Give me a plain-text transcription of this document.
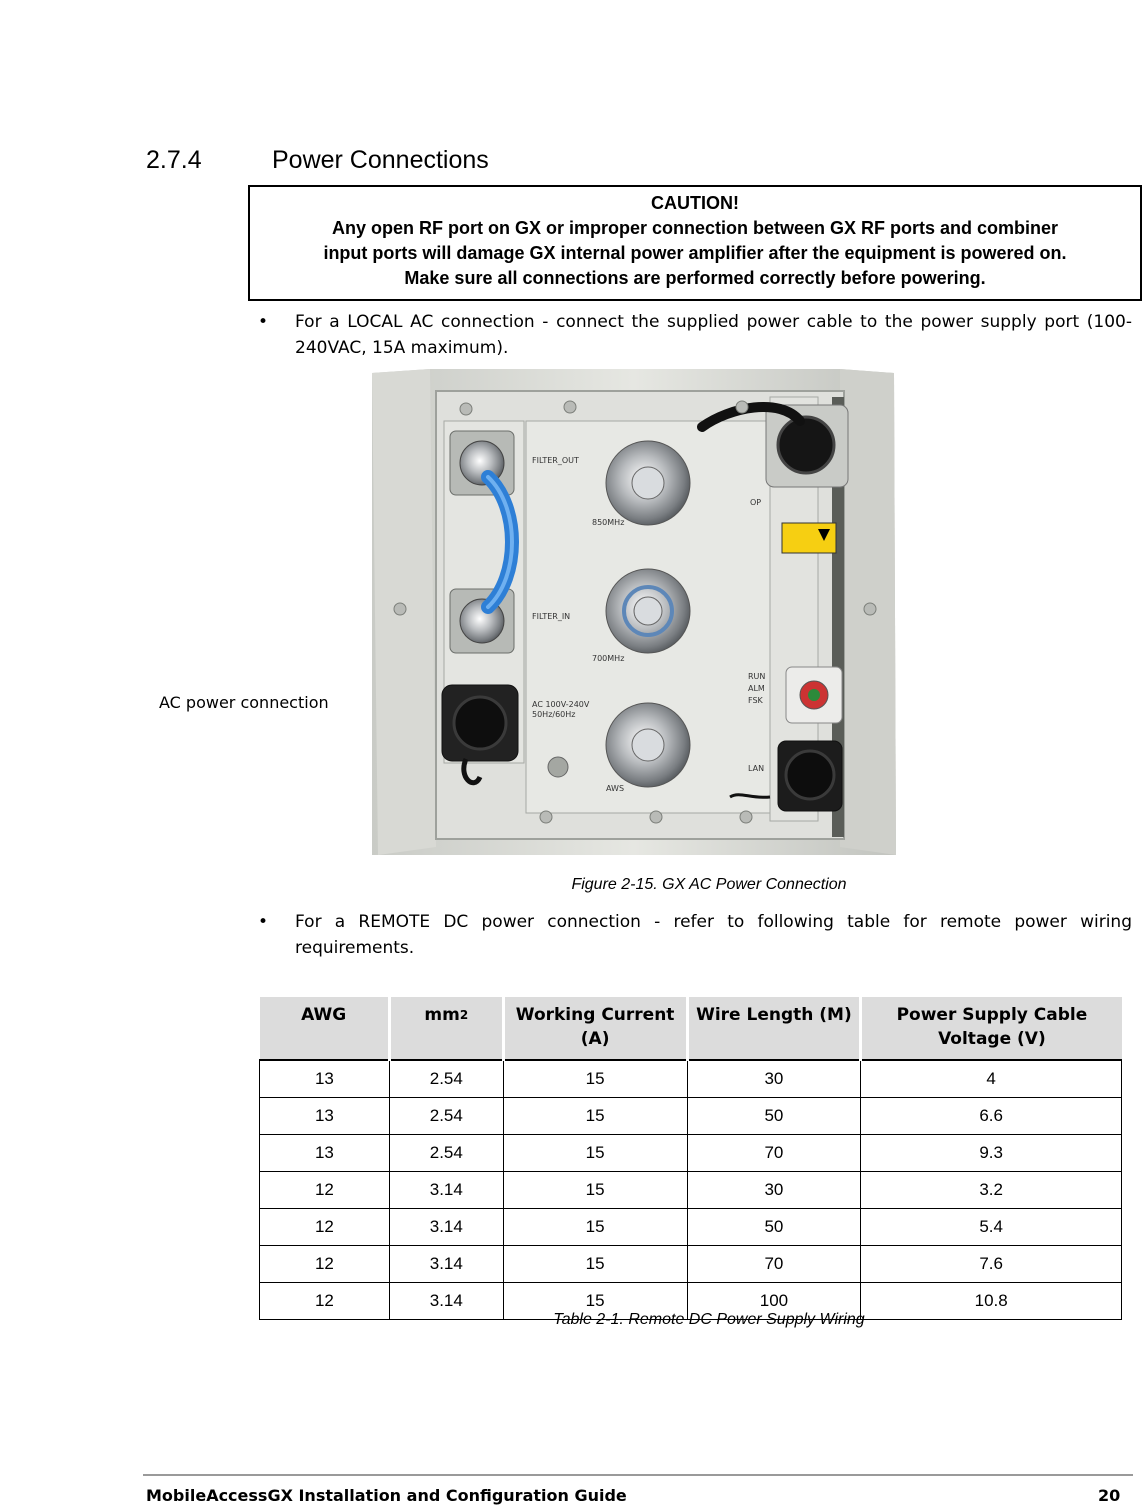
2.7.4	Power Connections
CAUTION!
Any open RF port on GX or improper connection between GX RF ports and combiner
input ports will damage GX internal power amplifier after the equipment is powered on.
Make sure all connections are performed correctly before powering.
• For a LOCAL AC connection - connect the supplied power cable to the power supply port (100-240VAC, 15A maximum).
AC power connection
FILTER_OUT
FILTER_IN
850MHz
700MHz
AWS
OP
AC 100V-240V
50Hz/60Hz
RUN
ALM
FSK
LAN
Figure 2-15. GX AC Power Connection
• For a REMOTE DC power connection - refer to following table for remote power wiring requirements.
AWG	$mm^2$	Working Current (A)	Wire Length (M)	Power Supply Cable Voltage (V)
13	2.54	15	30	4
13	2.54	15	50	6.6
13	2.54	15	70	9.3
12	3.14	15	30	3.2
12	3.14	15	50	5.4
12	3.14	15	70	7.6
12	3.14	15	100	10.8
Table 2-1. Remote DC Power Supply Wiring
MobileAccessGX Installation and Configuration Guide	20
